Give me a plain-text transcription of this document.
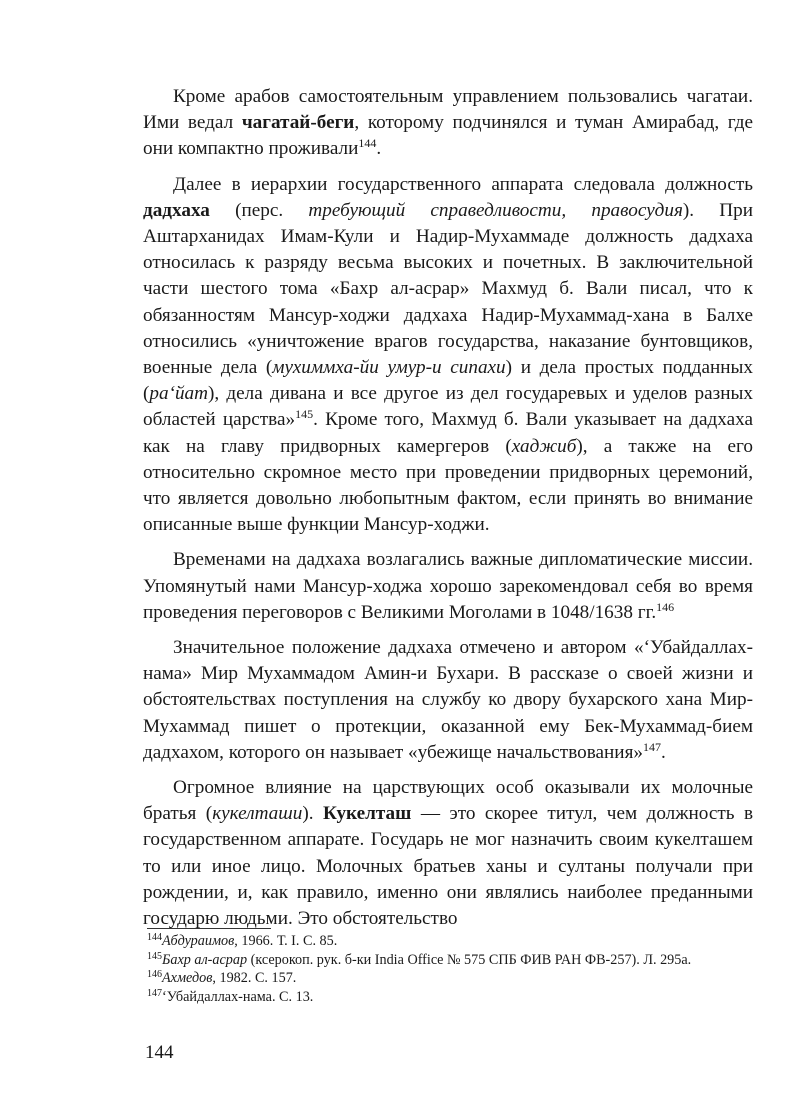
Кроме арабов самостоятельным управлением пользовались чагатаи. Ими ведал чагатай-беги, которому подчинялся и туман Амирабад, где они компактно проживали$^{144}$.

Далее в иерархии государственного аппарата следовала должность дадхаха (перс. требующий справедливости, правосудия). При Аштарханидах Имам-Кули и Надир-Мухаммаде должность дадхаха относилась к разряду весьма высоких и почетных. В заключительной части шестого тома «Бахр ал-асрар» Махмуд б. Вали писал, что к обязанностям Мансур-ходжи дадхаха Надир-Мухаммад-хана в Балхе относились «уничтожение врагов государства, наказание бунтовщиков, военные дела (мухиммха-йи умур-и сипахи) и дела простых подданных (ра‘йат), дела дивана и все другое из дел государевых и уделов разных областей царства»$^{145}$. Кроме того, Махмуд б. Вали указывает на дадхаха как на главу придворных камергеров (хаджиб), а также на его относительно скромное место при проведении придворных церемоний, что является довольно любопытным фактом, если принять во внимание описанные выше функции Мансур-ходжи.

Временами на дадхаха возлагались важные дипломатические миссии. Упомянутый нами Мансур-ходжа хорошо зарекомендовал себя во время проведения переговоров с Великими Моголами в 1048/1638 гг.$^{146}$

Значительное положение дадхаха отмечено и автором «‘Убайдаллах-нама» Мир Мухаммадом Амин-и Бухари. В рассказе о своей жизни и обстоятельствах поступления на службу ко двору бухарского хана Мир-Мухаммад пишет о протекции, оказанной ему Бек-Мухаммад-бием дадхахом, которого он называет «убежище начальствования»$^{147}$.

Огромное влияние на царствующих особ оказывали их молочные братья (кукелташи). Кукелташ — это скорее титул, чем должность в государственном аппарате. Государь не мог назначить своим кукелташем то или иное лицо. Молочных братьев ханы и султаны получали при рождении, и, как правило, именно они являлись наиболее преданными государю людьми. Это обстоятельство

$^{144}$Абдураимов, 1966. Т. I. С. 85.

$^{145}$Бахр ал-асрар (ксерокоп. рук. б-ки India Office № 575 СПБ ФИВ РАН ФВ-257). Л. 295а.

$^{146}$Ахмедов, 1982. С. 157.

$^{147}$‘Убайдаллах-нама. С. 13.

144
